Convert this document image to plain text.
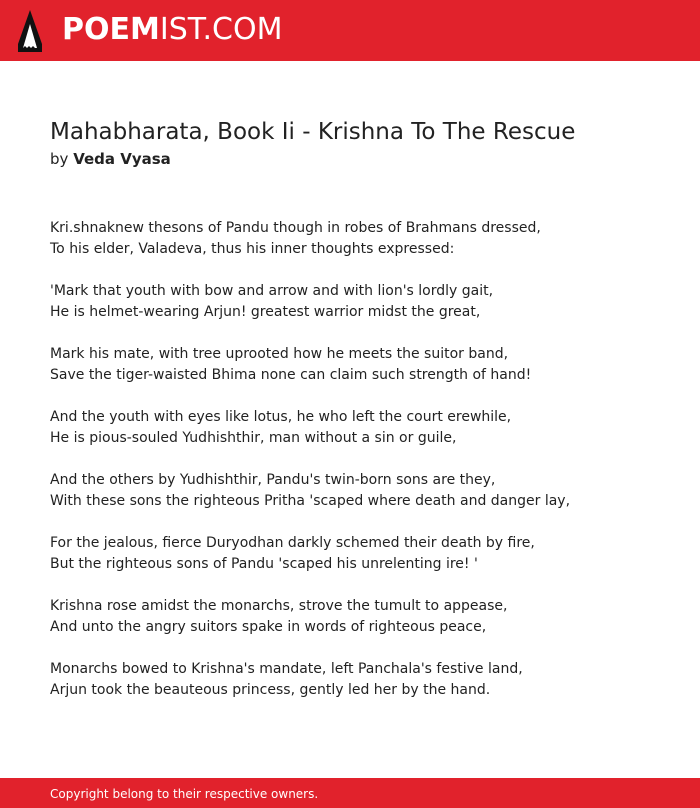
POEMIST.COM
Mahabharata, Book Ii - Krishna To The Rescue
by Veda Vyasa
Kri.shnaknew thesons of Pandu though in robes of Brahmans dressed,
To his elder, Valadeva, thus his inner thoughts expressed:
'Mark that youth with bow and arrow and with lion's lordly gait,
He is helmet-wearing Arjun! greatest warrior midst the great,
Mark his mate, with tree uprooted how he meets the suitor band,
Save the tiger-waisted Bhima none can claim such strength of hand!
And the youth with eyes like lotus, he who left the court erewhile,
He is pious-souled Yudhishthir, man without a sin or guile,
And the others by Yudhishthir, Pandu's twin-born sons are they,
With these sons the righteous Pritha 'scaped where death and danger lay,
For the jealous, fierce Duryodhan darkly schemed their death by fire,
But the righteous sons of Pandu 'scaped his unrelenting ire! '
Krishna rose amidst the monarchs, strove the tumult to appease,
And unto the angry suitors spake in words of righteous peace,
Monarchs bowed to Krishna's mandate, left Panchala's festive land,
Arjun took the beauteous princess, gently led her by the hand.
Copyright belong to their respective owners.
